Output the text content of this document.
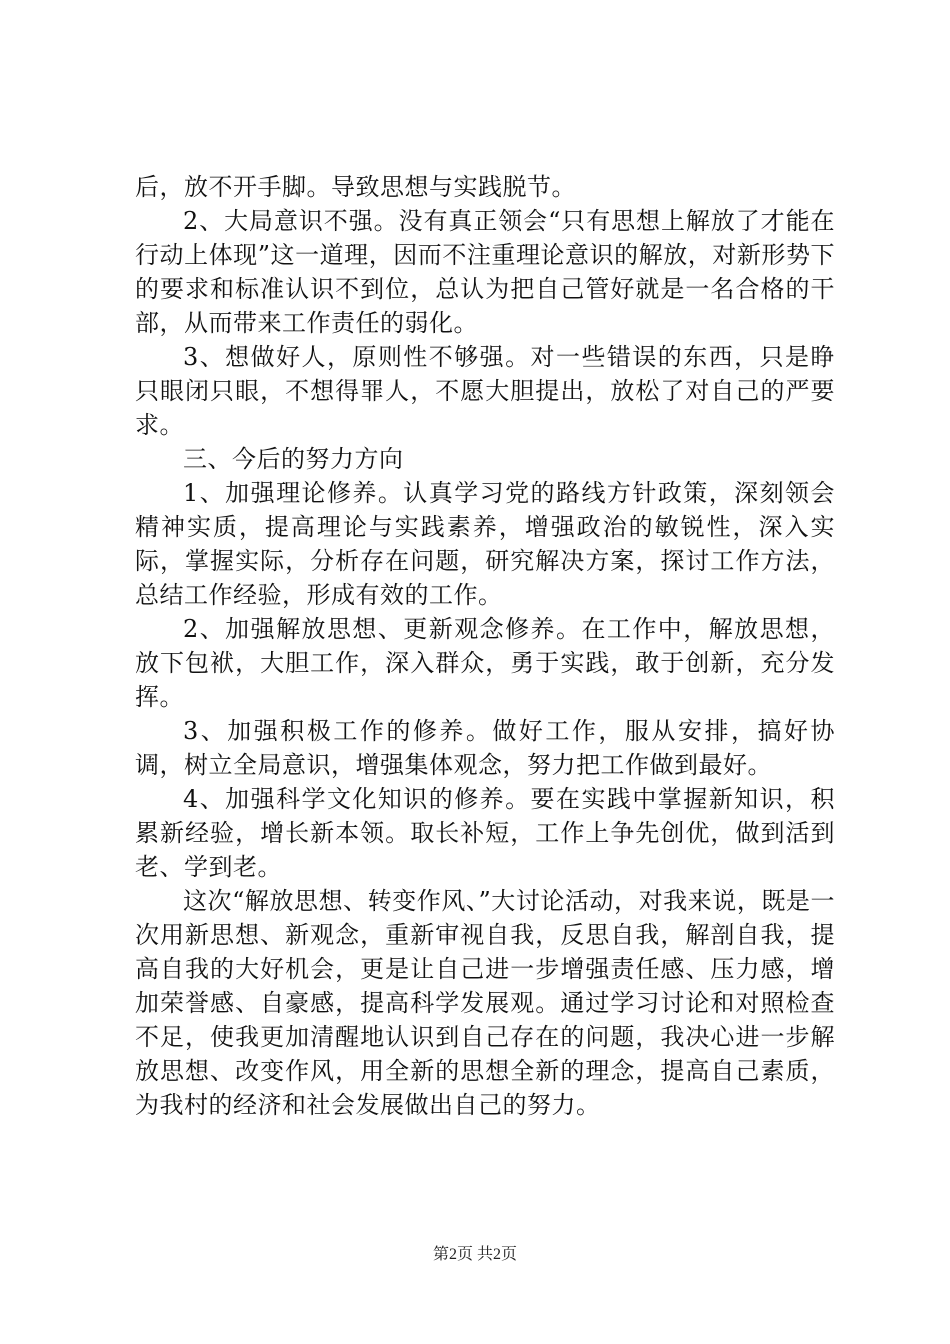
后，放不开手脚。导致思想与实践脱节。

2、大局意识不强。没有真正领会“只有思想上解放了才能在行动上体现”这一道理，因而不注重理论意识的解放，对新形势下的要求和标准认识不到位，总认为把自己管好就是一名合格的干部，从而带来工作责任的弱化。

3、想做好人，原则性不够强。对一些错误的东西，只是睁只眼闭只眼，不想得罪人，不愿大胆提出，放松了对自己的严要求。

三、今后的努力方向

1、加强理论修养。认真学习党的路线方针政策，深刻领会精神实质，提高理论与实践素养，增强政治的敏锐性，深入实际，掌握实际，分析存在问题，研究解决方案，探讨工作方法，总结工作经验，形成有效的工作。

2、加强解放思想、更新观念修养。在工作中，解放思想，放下包袱，大胆工作，深入群众，勇于实践，敢于创新，充分发挥。

3、加强积极工作的修养。做好工作，服从安排，搞好协调，树立全局意识，增强集体观念，努力把工作做到最好。

4、加强科学文化知识的修养。要在实践中掌握新知识，积累新经验，增长新本领。取长补短，工作上争先创优，做到活到老、学到老。

这次“解放思想、转变作风、”大讨论活动，对我来说，既是一次用新思想、新观念，重新审视自我，反思自我，解剖自我，提高自我的大好机会，更是让自己进一步增强责任感、压力感，增加荣誉感、自豪感，提高科学发展观。通过学习讨论和对照检查不足，使我更加清醒地认识到自己存在的问题，我决心进一步解放思想、改变作风，用全新的思想全新的理念，提高自己素质，为我村的经济和社会发展做出自己的努力。

第2页 共2页
